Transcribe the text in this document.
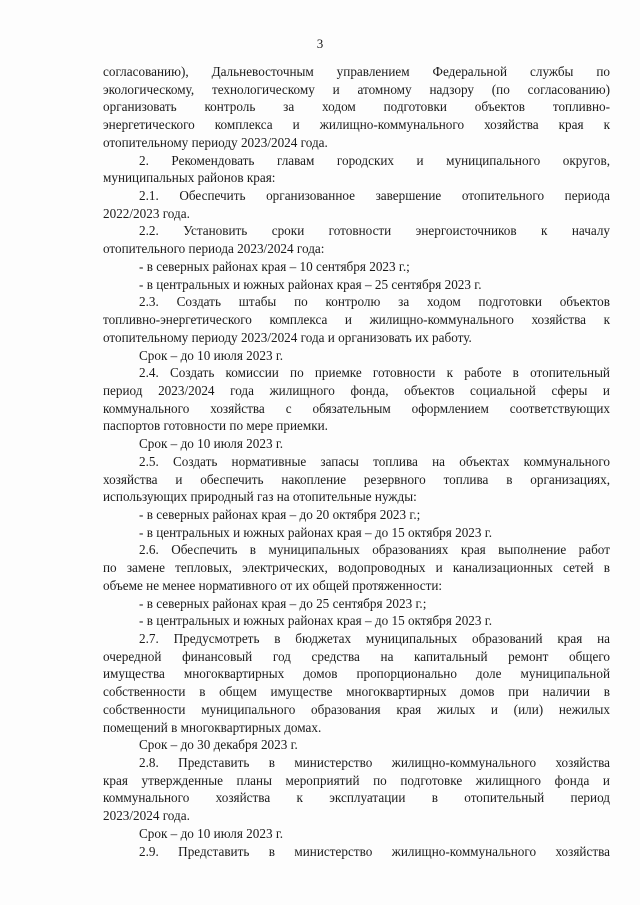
3
согласованию), Дальневосточным управлением Федеральной службы по
экологическому, технологическому и атомному надзору (по согласованию)
организовать контроль за ходом подготовки объектов топливно-
энергетического комплекса и жилищно-коммунального хозяйства края к
отопительному периоду 2023/2024 года.
2. Рекомендовать главам городских и муниципального округов,
муниципальных районов края:
2.1. Обеспечить организованное завершение отопительного периода
2022/2023 года.
2.2. Установить сроки готовности энергоисточников к началу
отопительного периода 2023/2024 года:
- в северных районах края – 10 сентября 2023 г.;
- в центральных и южных районах края – 25 сентября 2023 г.
2.3. Создать штабы по контролю за ходом подготовки объектов
топливно-энергетического комплекса и жилищно-коммунального хозяйства к
отопительному периоду 2023/2024 года и организовать их работу.
Срок – до 10 июля 2023 г.
2.4. Создать комиссии по приемке готовности к работе в отопительный
период 2023/2024 года жилищного фонда, объектов социальной сферы и
коммунального хозяйства с обязательным оформлением соответствующих
паспортов готовности по мере приемки.
Срок – до 10 июля 2023 г.
2.5. Создать нормативные запасы топлива на объектах коммунального
хозяйства и обеспечить накопление резервного топлива в организациях,
использующих природный газ на отопительные нужды:
- в северных районах края – до 20 октября 2023 г.;
- в центральных и южных районах края – до 15 октября 2023 г.
2.6. Обеспечить в муниципальных образованиях края выполнение работ
по замене тепловых, электрических, водопроводных и канализационных сетей в
объеме не менее нормативного от их общей протяженности:
- в северных районах края – до 25 сентября 2023 г.;
- в центральных и южных районах края – до 15 октября 2023 г.
2.7. Предусмотреть в бюджетах муниципальных образований края на
очередной финансовый год средства на капитальный ремонт общего
имущества многоквартирных домов пропорционально доле муниципальной
собственности в общем имуществе многоквартирных домов при наличии в
собственности муниципального образования края жилых и (или) нежилых
помещений в многоквартирных домах.
Срок – до 30 декабря 2023 г.
2.8. Представить в министерство жилищно-коммунального хозяйства
края утвержденные планы мероприятий по подготовке жилищного фонда и
коммунального хозяйства к эксплуатации в отопительный период
2023/2024 года.
Срок – до 10 июля 2023 г.
2.9. Представить в министерство жилищно-коммунального хозяйства
